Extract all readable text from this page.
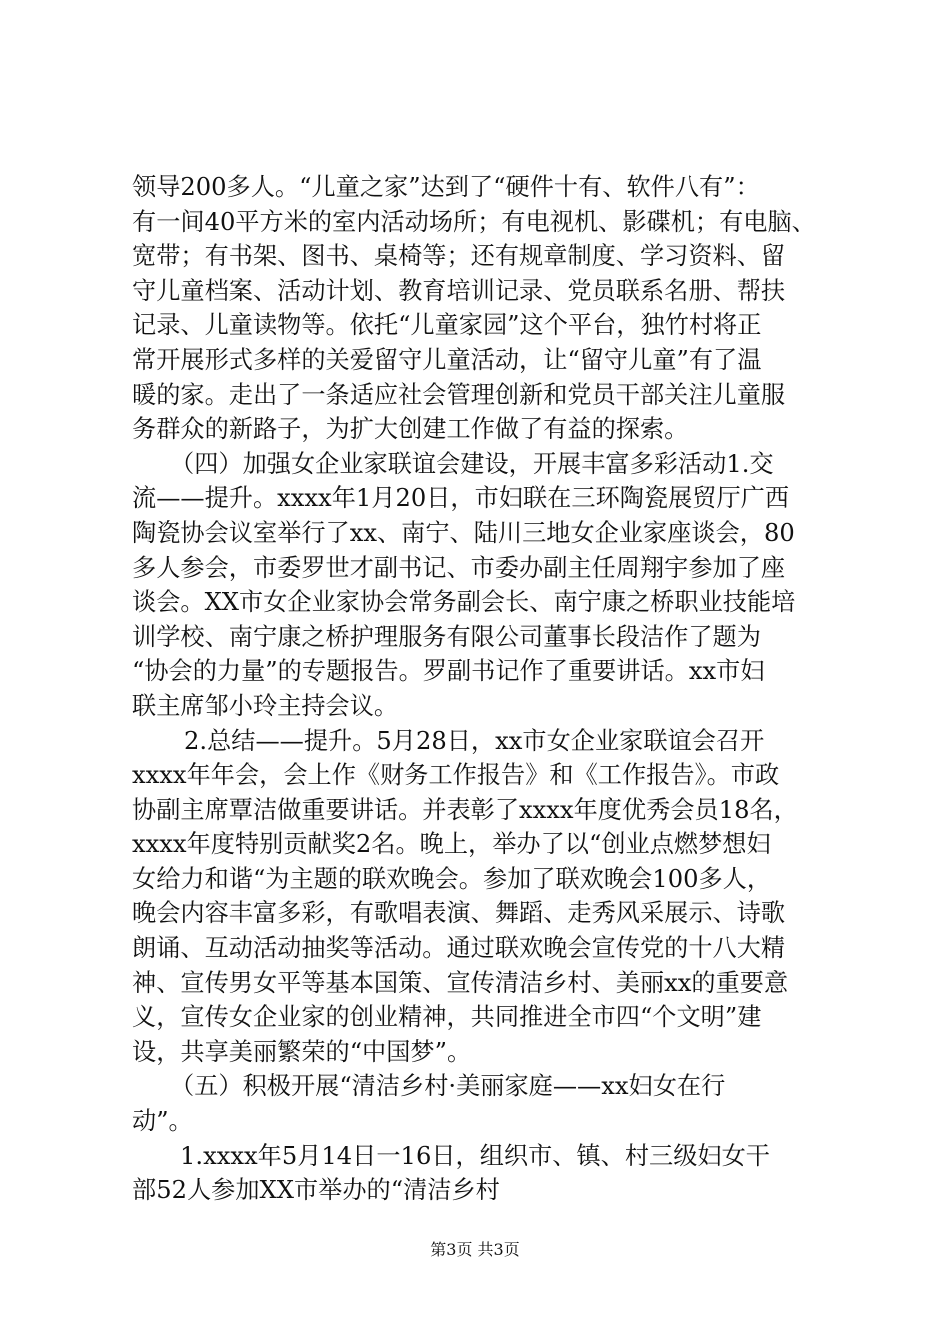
领导200多人。“儿童之家”达到了“硬件十有、软件八有”：
有一间40平方米的室内活动场所；有电视机、影碟机；有电脑、
宽带；有书架、图书、桌椅等；还有规章制度、学习资料、留
守儿童档案、活动计划、教育培训记录、党员联系名册、帮扶
记录、儿童读物等。依托“儿童家园”这个平台，独竹村将正
常开展形式多样的关爱留守儿童活动，让“留守儿童”有了温
暖的家。走出了一条适应社会管理创新和党员干部关注儿童服
务群众的新路子，为扩大创建工作做了有益的探索。
（四）加强女企业家联谊会建设，开展丰富多彩活动1.交
流——提升。xxxx年1月20日，市妇联在三环陶瓷展贸厅广西
陶瓷协会议室举行了xx、南宁、陆川三地女企业家座谈会，80
多人参会，市委罗世才副书记、市委办副主任周翔宇参加了座
谈会。XX市女企业家协会常务副会长、南宁康之桥职业技能培
训学校、南宁康之桥护理服务有限公司董事长段洁作了题为
“协会的力量”的专题报告。罗副书记作了重要讲话。xx市妇
联主席邹小玲主持会议。
2.总结——提升。5月28日，xx市女企业家联谊会召开
xxxx年年会，会上作《财务工作报告》和《工作报告》。市政
协副主席覃洁做重要讲话。并表彰了xxxx年度优秀会员18名，
xxxx年度特别贡献奖2名。晚上，举办了以“创业点燃梦想妇
女给力和谐“为主题的联欢晚会。参加了联欢晚会100多人，
晚会内容丰富多彩，有歌唱表演、舞蹈、走秀风采展示、诗歌
朗诵、互动活动抽奖等活动。通过联欢晚会宣传党的十八大精
神、宣传男女平等基本国策、宣传清洁乡村、美丽xx的重要意
义，宣传女企业家的创业精神，共同推进全市四“个文明”建
设，共享美丽繁荣的“中国梦”。
（五）积极开展“清洁乡村·美丽家庭——xx妇女在行
动”。
1.xxxx年5月14日一16日，组织市、镇、村三级妇女干
部52人参加XX市举办的“清洁乡村
第3页 共3页
